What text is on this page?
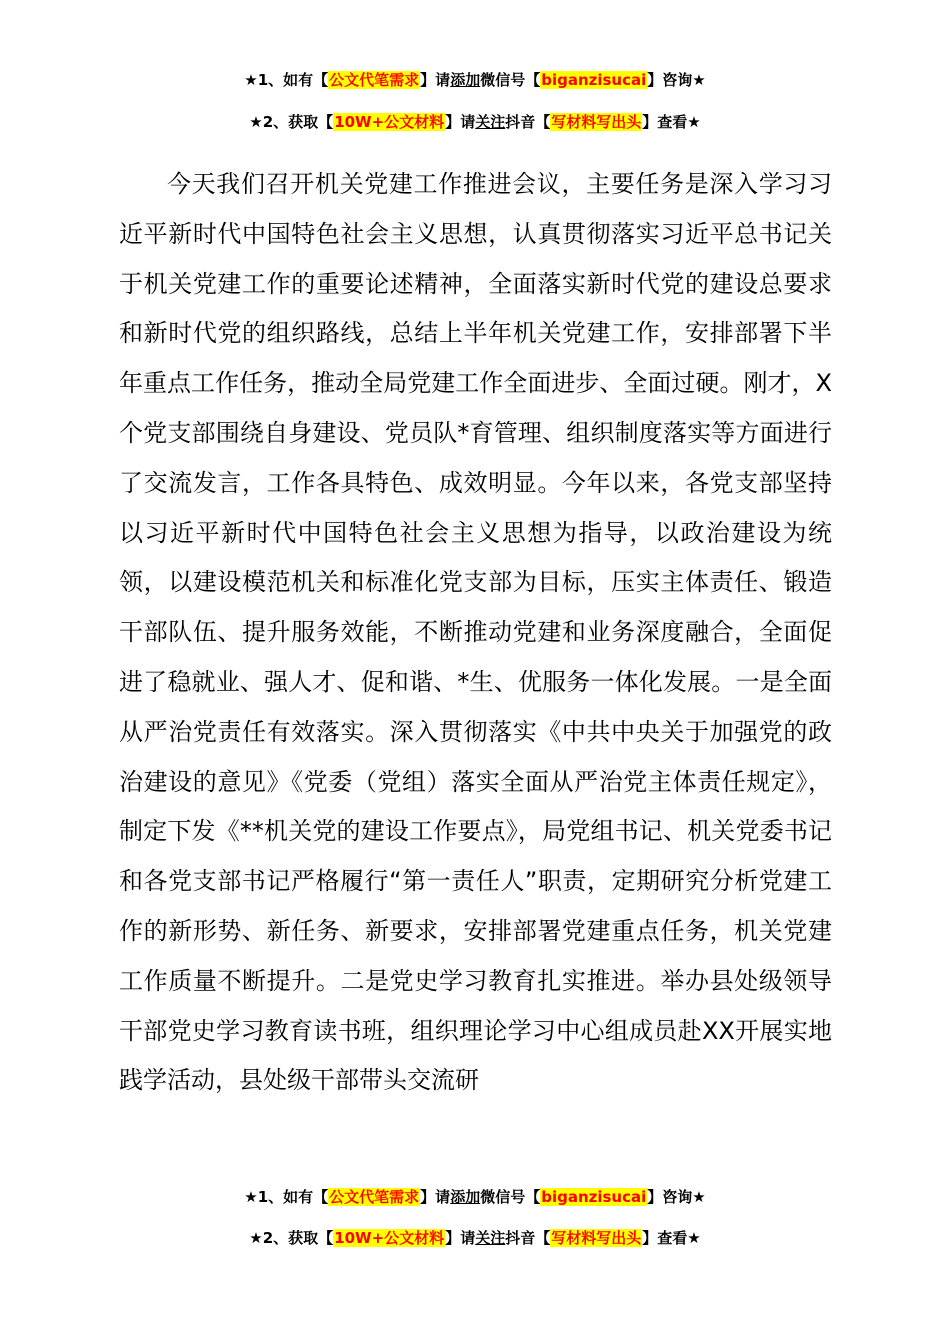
★1、如有【公文代笔需求】请添加微信号【biganzisucai】咨询★
★2、获取【10W+公文材料】请关注抖音【写材料写出头】查看★

今天我们召开机关党建工作推进会议，主要任务是深入学习习近平新时代中国特色社会主义思想，认真贯彻落实习近平总书记关于机关党建工作的重要论述精神，全面落实新时代党的建设总要求和新时代党的组织路线，总结上半年机关党建工作，安排部署下半年重点工作任务，推动全局党建工作全面进步、全面过硬。刚才，X个党支部围绕自身建设、党员队*育管理、组织制度落实等方面进行了交流发言，工作各具特色、成效明显。今年以来，各党支部坚持以习近平新时代中国特色社会主义思想为指导，以政治建设为统领，以建设模范机关和标准化党支部为目标，压实主体责任、锻造干部队伍、提升服务效能，不断推动党建和业务深度融合，全面促进了稳就业、强人才、促和谐、*生、优服务一体化发展。一是全面从严治党责任有效落实。深入贯彻落实《中共中央关于加强党的政治建设的意见》《党委（党组）落实全面从严治党主体责任规定》，制定下发《**机关党的建设工作要点》，局党组书记、机关党委书记和各党支部书记严格履行“第一责任人”职责，定期研究分析党建工作的新形势、新任务、新要求，安排部署党建重点任务，机关党建工作质量不断提升。二是党史学习教育扎实推进。举办县处级领导干部党史学习教育读书班，组织理论学习中心组成员赴XX开展实地践学活动，县处级干部带头交流研

★1、如有【公文代笔需求】请添加微信号【biganzisucai】咨询★
★2、获取【10W+公文材料】请关注抖音【写材料写出头】查看★
